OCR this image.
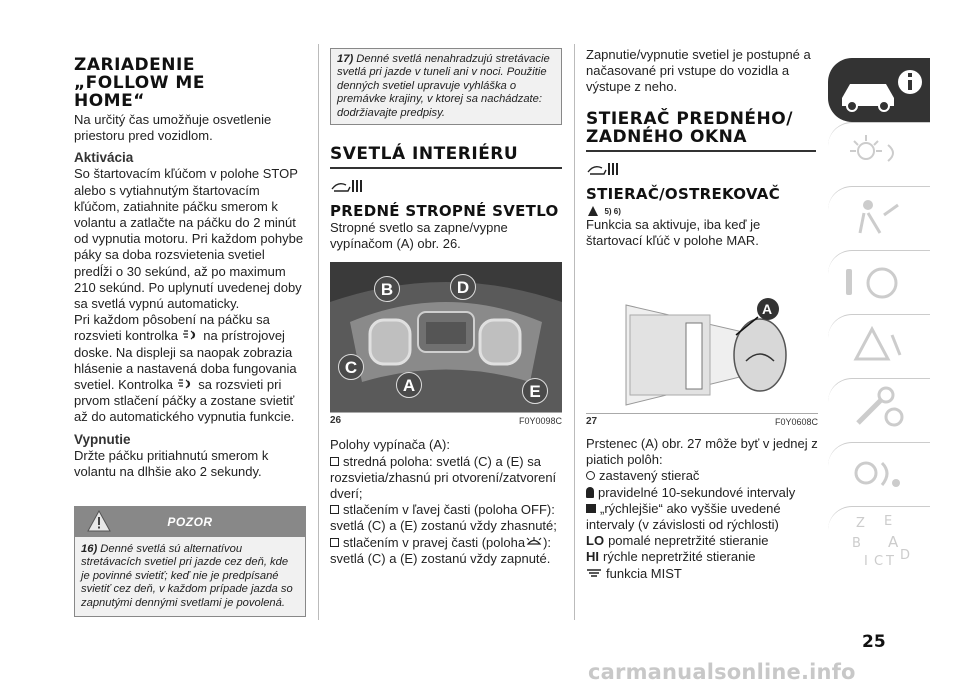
ZARIADENIE „FOLLOW ME HOME“

Na určitý čas umožňuje osvetlenie priestoru pred vozidlom.

Aktivácia

So štartovacím kľúčom v polohe STOP alebo s vytiahnutým štartovacím kľúčom, zatiahnite páčku smerom k volantu a zatlačte na páčku do 2 minút od vypnutia motoru. Pri každom pohybe páky sa doba rozsvietenia svetiel predĺži o 30 sekúnd, až po maximum 210 sekúnd. Po uplynutí uvedenej doby sa svetlá vypnú automaticky.

Pri každom pôsobení na páčku sa rozsvieti kontrolka na prístrojovej doske. Na displeji sa naopak zobrazia hlásenie a nastavená doba fungovania svetiel. Kontrolka sa rozsvieti pri prvom stlačení páčky a zostane svietiť až do automatického vypnutia funkcie.

Vypnutie

Držte páčku pritiahnutú smerom k volantu na dlhšie ako 2 sekundy.

POZOR
16) Denné svetlá sú alternatívou stretávacích svetiel pri jazde cez deň, kde je povinné svietiť; keď nie je predpísané svietiť cez deň, v každom prípade jazda so zapnutými dennými svetlami je povolená.
17) Denné svetlá nenahradzujú stretávacie svetlá pri jazde v tuneli ani v noci. Použitie denných svetiel upravuje vyhláška o premávke krajiny, v ktorej sa nachádzate: dodržiavajte predpisy.
SVETLÁ INTERIÉRU
PREDNÉ STROPNÉ SVETLO

Stropné svetlo sa zapne/vypne vypínačom (A) obr. 26.

B	D
C
A	E
26	F0Y0098C

Polohy vypínača (A):

stredná poloha: svetlá (C) a (E) sa rozsvietia/zhasnú pri otvorení/zatvorení dverí;

stlačením v ľavej časti (poloha OFF): svetlá (C) a (E) zostanú vždy zhasnuté;

stlačením v pravej časti (poloha ): svetlá (C) a (E) zostanú vždy zapnuté.

Zapnutie/vypnutie svetiel je postupné a načasované pri vstupe do vozidla a výstupe z neho.

STIERAČ PREDNÉHO/ ZADNÉHO OKNA
STIERAČ/OSTREKOVAČ
5) 6)

Funkcia sa aktivuje, iba keď je štartovací kľúč v polohe MAR.

A
27	F0Y0608C

Prstenec (A) obr. 27 môže byť v jednej z piatich polôh:

zastavený stierač

pravidelné 10-sekundové intervaly

„rýchlejšie“ ako vyššie uvedené intervaly (v závislosti od rýchlosti)

LO pomalé nepretržité stieranie

HI rýchle nepretržité stieranie

funkcia MIST

Z E
B A
I C T D
25
carmanualsonline.info
